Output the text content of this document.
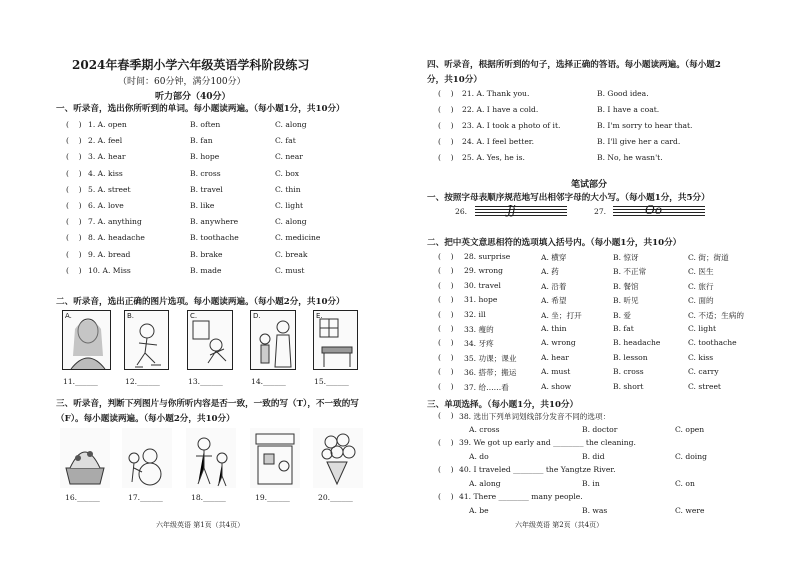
2024年春季期小学六年级英语学科阶段练习
（时间：60分钟，满分100分）
听力部分（40分）
一、听录音，选出你所听到的单词。每小题读两遍。（每小题1分，共10分）
(    ) 1. A. open	B. often	C. along
(    ) 2. A. feel	B. fan	C. fat
(    ) 3. A. hear	B. hope	C. near
(    ) 4. A. kiss	B. cross	C. box
(    ) 5. A. street	B. travel	C. thin
(    ) 6. A. love	B. like	C. light
(    ) 7. A. anything	B. anywhere	C. along
(    ) 8. A. headache	B. toothache	C. medicine
(    ) 9. A. bread	B. brake	C. break
(    ) 10. A. Miss	B. made	C. must
二、听录音，选出正确的图片选项。每小题读两遍。（每小题2分，共10分）
A.	B.	C.	D.	E.
11.______	12.______	13.______	14.______	15.______
三、听录音，判断下列图片与你所听内容是否一致，一致的写（T），不一致的写
（F）。每小题读两遍。（每小题2分，共10分）
16.______	17.______	18.______	19.______	20.______
六年级英语 第1页（共4页）
四、听录音，根据所听到的句子，选择正确的答语。每小题读两遍。（每小题2
分，共10分）
(    ) 21. A. Thank you.	B. Good idea.
(    ) 22. A. I have a cold.	B. I have a coat.
(    ) 23. A. I took a photo of it.	B. I'm sorry to hear that.
(    ) 24. A. I feel better.	B. I'll give her a card.
(    ) 25. A. Yes, he is.	B. No, he wasn't.
笔试部分
一、按照字母表顺序规范地写出相邻字母的大小写。（每小题1分，共5分）
26.	Jj	27.	Oo
二、把中英文意思相符的选项填入括号内。（每小题1分，共10分）
(    ) 28. surprise	A. 横穿	B. 惊讶	C. 街；街道
(    ) 29. wrong	A. 药	B. 不正常	C. 医生
(    ) 30. travel	A. 沿着	B. 餐馆	C. 旅行
(    ) 31. hope	A. 希望	B. 听见	C. 面的
(    ) 32. ill	A. 坐；打开	B. 爱	C. 不适；生病的
(    ) 33. 瘦的	A. thin	B. fat	C. light
(    ) 34. 牙疼	A. wrong	B. headache	C. toothache
(    ) 35. 功课；课业	A. hear	B. lesson	C. kiss
(    ) 36. 搭带；搬运	A. must	B. cross	C. carry
(    ) 37. 给……看	A. show	B. short	C. street
三、单项选择。（每小题1分，共10分）
(    ) 38. 选出下列单词划线部分发音不同的选项：
A. cross	B. doctor	C. open
(    ) 39. We got up early and ________ the cleaning.
A. do	B. did	C. doing
(    ) 40. I traveled ________ the Yangtze River.
A. along	B. in	C. on
(    ) 41. There ________ many people.
A. be	B. was	C. were
六年级英语 第2页（共4页）
